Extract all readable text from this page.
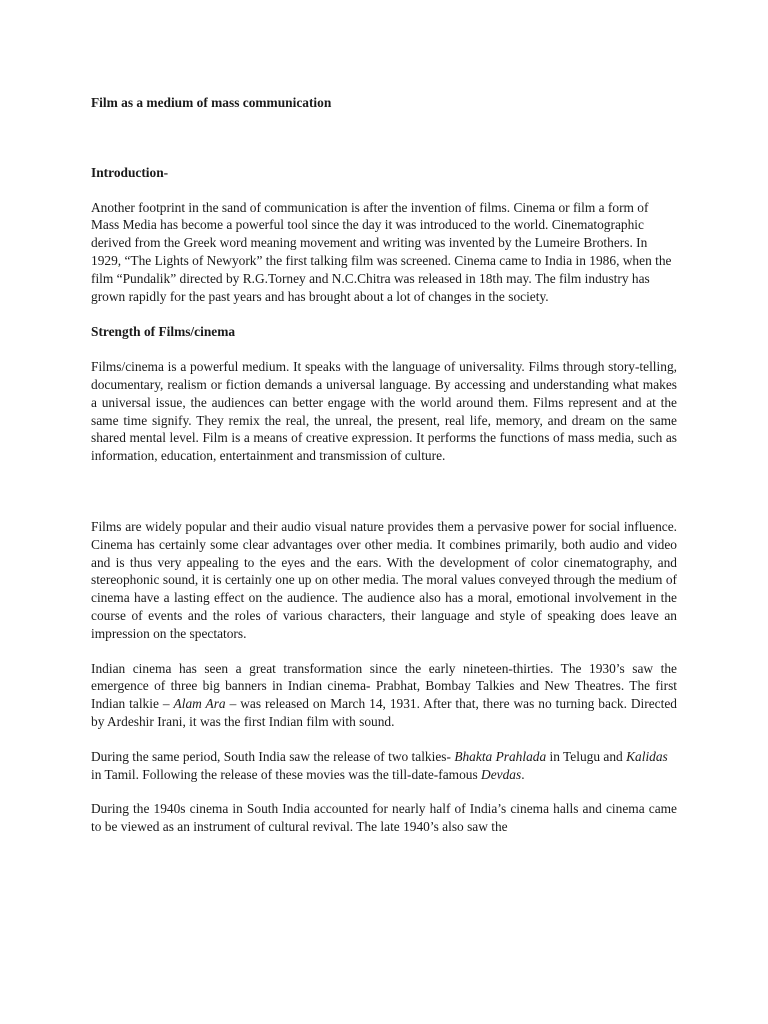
Film as a medium of mass communication

Introduction-

Another footprint in the sand of communication is after the invention of films. Cinema or film a form of Mass Media has become a powerful tool since the day it was introduced to the world. Cinematographic derived from the Greek word meaning movement and writing was invented by the Lumeire Brothers. In 1929, “The Lights of Newyork” the first talking film was screened. Cinema came to India in 1986, when the film “Pundalik” directed by R.G.Torney and N.C.Chitra was released in 18th may. The film industry has grown rapidly for the past years and has brought about a lot of changes in the society.

Strength of Films/cinema

Films/cinema is a powerful medium. It speaks with the language of universality. Films through story-telling, documentary, realism or fiction demands a universal language. By accessing and understanding what makes a universal issue, the audiences can better engage with the world around them. Films represent and at the same time signify. They remix the real, the unreal, the present, real life, memory, and dream on the same shared mental level. Film is a means of creative expression. It performs the functions of mass media, such as information, education, entertainment and transmission of culture.

Films are widely popular and their audio visual nature provides them a pervasive power for social influence. Cinema has certainly some clear advantages over other media. It combines primarily, both audio and video and is thus very appealing to the eyes and the ears. With the development of color cinematography, and stereophonic sound, it is certainly one up on other media. The moral values conveyed through the medium of cinema have a lasting effect on the audience. The audience also has a moral, emotional involvement in the course of events and the roles of various characters, their language and style of speaking does leave an impression on the spectators.

Indian cinema has seen a great transformation since the early nineteen-thirties. The 1930’s saw the emergence of three big banners in Indian cinema- Prabhat, Bombay Talkies and New Theatres. The first Indian talkie – Alam Ara – was released on March 14, 1931. After that, there was no turning back. Directed by Ardeshir Irani, it was the first Indian film with sound.

During the same period, South India saw the release of two talkies- Bhakta Prahlada in Telugu and Kalidas in Tamil. Following the release of these movies was the till-date-famous Devdas.

During the 1940s cinema in South India accounted for nearly half of India’s cinema halls and cinema came to be viewed as an instrument of cultural revival. The late 1940’s also saw the
